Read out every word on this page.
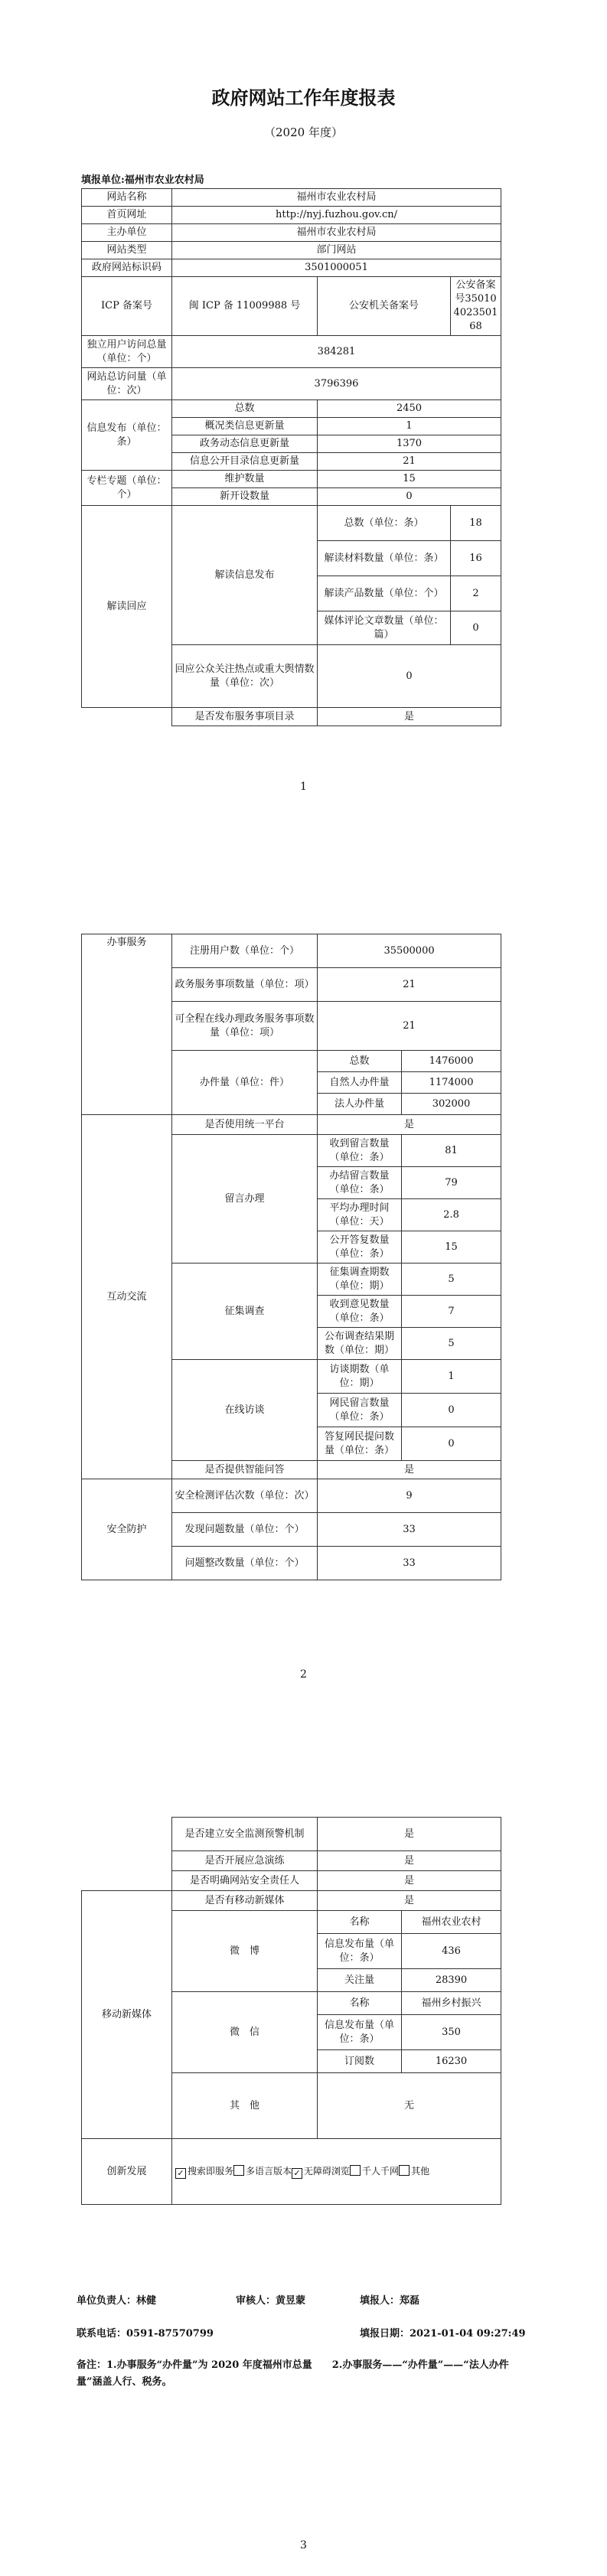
政府网站工作年度报表
（2020 年度）
填报单位:福州市农业农村局
网站名称	福州市农业农村局		
首页网址	http://nyj.fuzhou.gov.cn/		
主办单位	福州市农业农村局		
网站类型	部门网站		
政府网站标识码	3501000051		
ICP 备案号	闽 ICP 备 11009988 号	公安机关备案号	公安备案号35010402350168
独立用户访问总量（单位：个）	384281		
网站总访问量（单位：次）	3796396		
信息发布（单位：条）	总数	2450	
	概况类信息更新量	1	
	政务动态信息更新量	1370	
	信息公开目录信息更新量	21	
专栏专题（单位：个）	维护数量	15	
	新开设数量	0	
解读回应	解读信息发布	总数（单位：条）	18
		解读材料数量（单位：条）	16
		解读产品数量（单位：个）	2
		媒体评论文章数量（单位：篇）	0
	回应公众关注热点或重大舆情数量（单位：次）	0	
	是否发布服务事项目录	是	
1
办事服务	注册用户数（单位：个）	35500000	
	政务服务事项数量（单位：项）	21	
	可全程在线办理政务服务事项数量（单位：项）	21	
	办件量（单位：件）	总数	1476000
		自然人办件量	1174000
		法人办件量	302000
互动交流	是否使用统一平台	是	
	留言办理	收到留言数量（单位：条）	81
		办结留言数量（单位：条）	79
		平均办理时间（单位：天）	2.8
		公开答复数量（单位：条）	15
	征集调查	征集调查期数（单位：期）	5
		收到意见数量（单位：条）	7
		公布调查结果期数（单位：期）	5
	在线访谈	访谈期数（单位：期）	1
		网民留言数量（单位：条）	0
		答复网民提问数量（单位：条）	0
	是否提供智能问答	是	
安全防护	安全检测评估次数（单位：次）	9	
	发现问题数量（单位：个）	33	
	问题整改数量（单位：个）	33	
2
	是否建立安全监测预警机制	是	
	是否开展应急演练	是	
	是否明确网站安全责任人	是	
移动新媒体	是否有移动新媒体	是	
	微　博	名称	福州农业农村
		信息发布量（单位：条）	436
		关注量	28390
	微　信	名称	福州乡村振兴
		信息发布量（单位：条）	350
		订阅数	16230
	其　他	无	
创新发展	✓ 搜索即服务 多语言版本 ✓ 无障碍浏览 千人千网 其他		
单位负责人：林健	审核人：黄昱蒙	填报人：郑磊
联系电话：0591-87570799	填报日期：2021-01-04 09:27:49
备注：1.办事服务“办件量”为 2020 年度福州市总量　　2.办事服务——“办件量”——“法人办件量”涵盖人行、税务。
3
